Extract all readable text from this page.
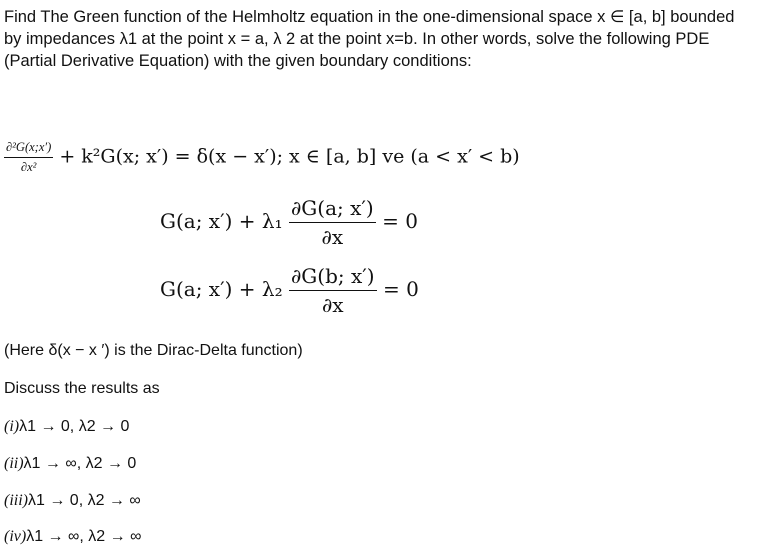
Find The Green function of the Helmholtz equation in the one-dimensional space x ∈ [a, b] bounded
by impedances λ1 at the point x = a, λ 2 at the point x=b. In other words, solve the following PDE
(Partial Derivative Equation) with the given boundary conditions:
$\frac{\text{∂²G(x;x′)}}{\text{∂x²}} + k^2G(x$; x′) = δ(x − x′); x ∈ [a, b] ve (a < x′ < b)
G(a; $x') + \lambda_1 \frac{\partial G(a; x')}{\partial x} = 0$
G(a; $x') + \lambda_2 \frac{\partial G(b; x')}{\partial x} = 0$
(Here δ(x − x ′) is the Dirac-Delta function)
Discuss the results as
(i)λ1 → 0, λ2 → 0
(ii)λ1 → ∞, λ2 → 0
(iii)λ1 → 0, λ2 → ∞
(iv)λ1 → ∞, λ2 → ∞
